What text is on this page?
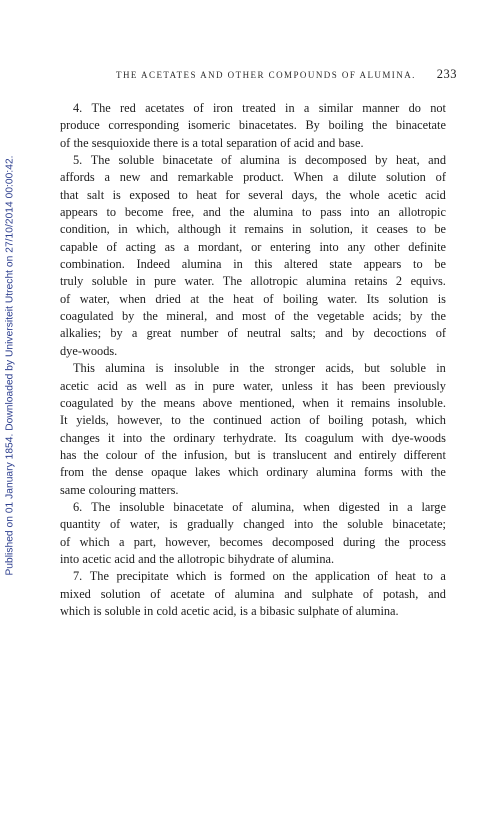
Published on 01 January 1854. Downloaded by Universiteit Utrecht on 27/10/2014 00:00:42.
THE ACETATES AND OTHER COMPOUNDS OF ALUMINA. 233
4. The red acetates of iron treated in a similar manner do not
produce corresponding isomeric binacetates. By boiling the binacetate
of the sesquioxide there is a total separation of acid and base.
5. The soluble binacetate of alumina is decomposed by heat, and
affords a new and remarkable product. When a dilute solution of
that salt is exposed to heat for several days, the whole acetic acid
appears to become free, and the alumina to pass into an allotropic
condition, in which, although it remains in solution, it ceases to be
capable of acting as a mordant, or entering into any other definite
combination. Indeed alumina in this altered state appears to be
truly soluble in pure water. The allotropic alumina retains 2 equivs.
of water, when dried at the heat of boiling water. Its solution is
coagulated by the mineral, and most of the vegetable acids; by the
alkalies; by a great number of neutral salts; and by decoctions of
dye-woods.
This alumina is insoluble in the stronger acids, but soluble in
acetic acid as well as in pure water, unless it has been previously
coagulated by the means above mentioned, when it remains insoluble.
It yields, however, to the continued action of boiling potash, which
changes it into the ordinary terhydrate. Its coagulum with dye-woods
has the colour of the infusion, but is translucent and entirely different
from the dense opaque lakes which ordinary alumina forms with the
same colouring matters.
6. The insoluble binacetate of alumina, when digested in a large
quantity of water, is gradually changed into the soluble binacetate;
of which a part, however, becomes decomposed during the process
into acetic acid and the allotropic bihydrate of alumina.
7. The precipitate which is formed on the application of heat to a
mixed solution of acetate of alumina and sulphate of potash, and
which is soluble in cold acetic acid, is a bibasic sulphate of alumina.
